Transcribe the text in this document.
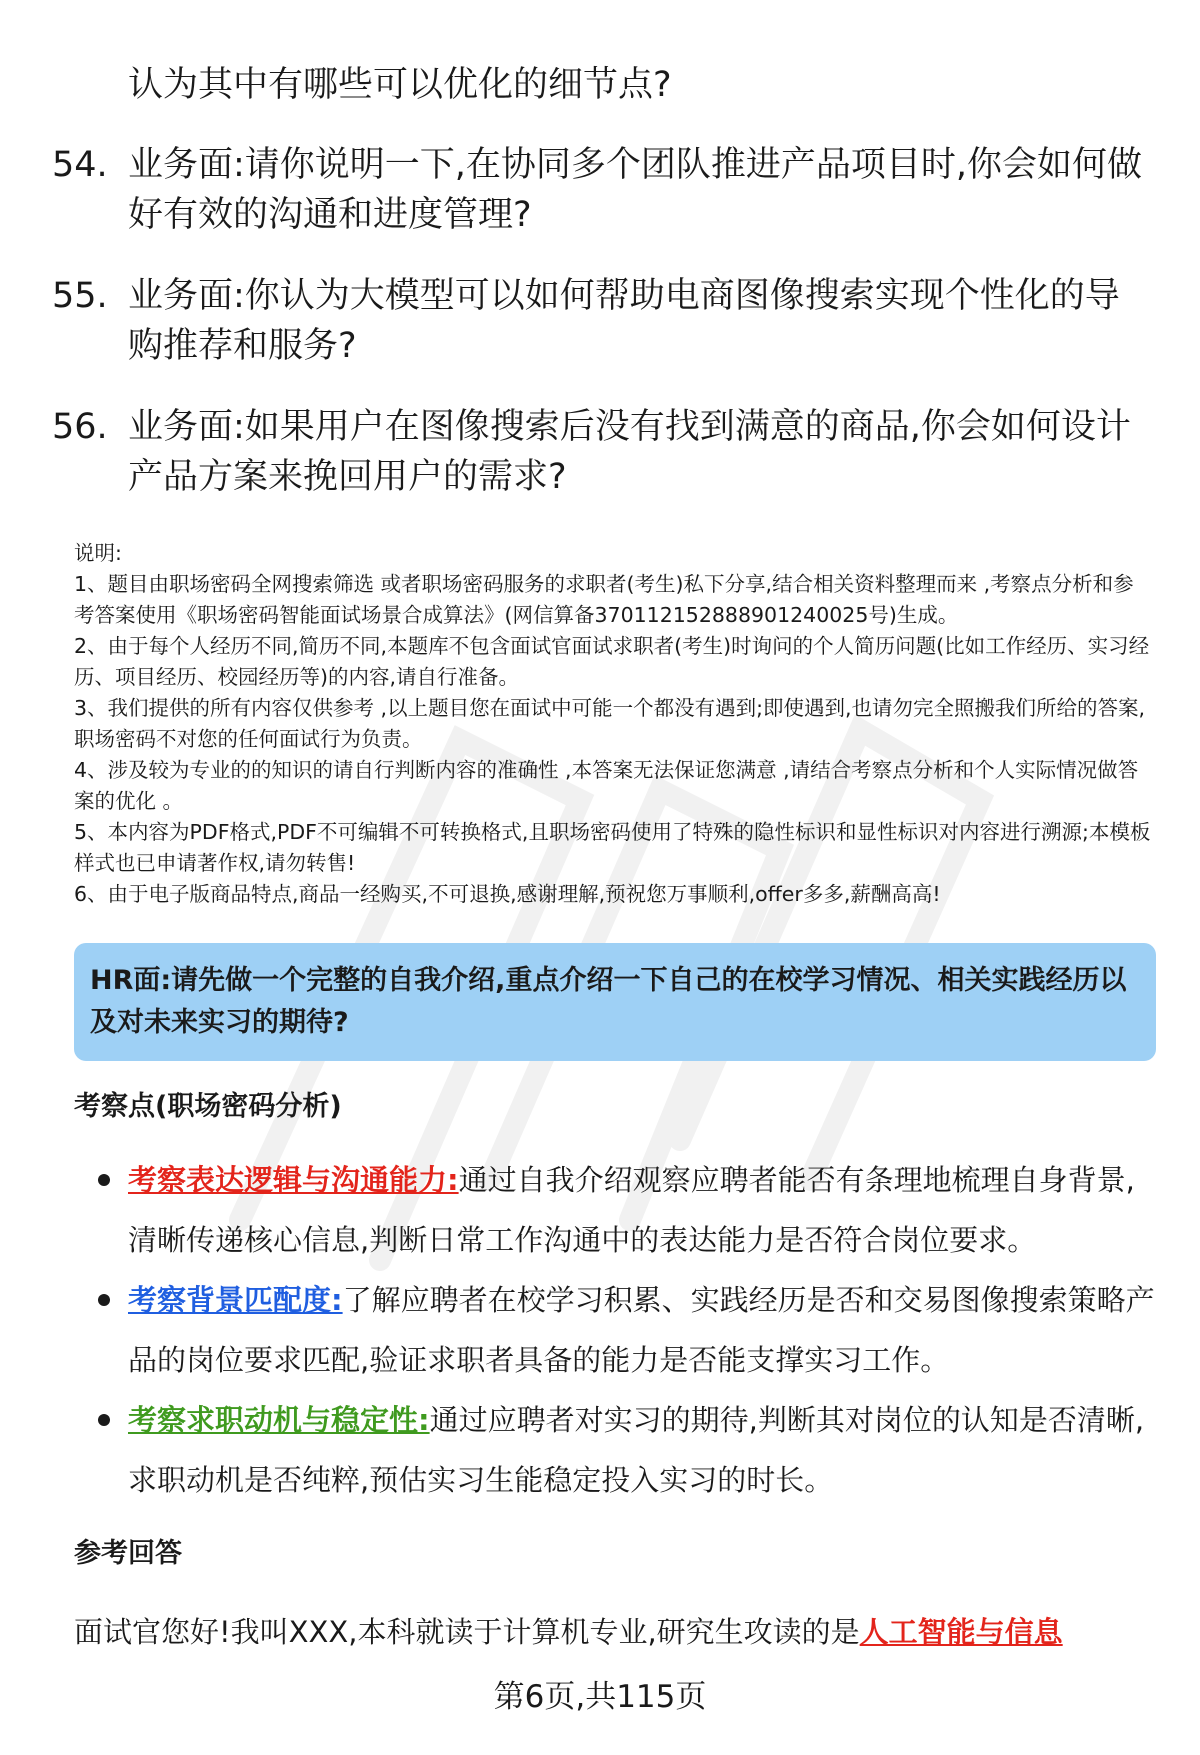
认为其中有哪些可以优化的细节点?
54. 业务面:请你说明一下,在协同多个团队推进产品项目时,你会如何做好有效的沟通和进度管理?
55. 业务面:你认为大模型可以如何帮助电商图像搜索实现个性化的导购推荐和服务?
56. 业务面:如果用户在图像搜索后没有找到满意的商品,你会如何设计产品方案来挽回用户的需求?

说明:

1、题目由职场密码全网搜索筛选 或者职场密码服务的求职者(考生)私下分享,结合相关资料整理而来 ,考察点分析和参考答案使用《职场密码智能面试场景合成算法》(网信算备370112152888901240025号)生成。

2、由于每个人经历不同,简历不同,本题库不包含面试官面试求职者(考生)时询问的个人简历问题(比如工作经历、实习经历、项目经历、校园经历等)的内容,请自行准备。

3、我们提供的所有内容仅供参考 ,以上题目您在面试中可能一个都没有遇到;即使遇到,也请勿完全照搬我们所给的答案,职场密码不对您的任何面试行为负责。

4、涉及较为专业的的知识的请自行判断内容的准确性 ,本答案无法保证您满意 ,请结合考察点分析和个人实际情况做答案的优化 。

5、本内容为PDF格式,PDF不可编辑不可转换格式,且职场密码使用了特殊的隐性标识和显性标识对内容进行溯源;本模板样式也已申请著作权,请勿转售!

6、由于电子版商品特点,商品一经购买,不可退换,感谢理解,预祝您万事顺利,offer多多,薪酬高高!

HR面:请先做一个完整的自我介绍,重点介绍一下自己的在校学习情况、相关实践经历以及对未来实习的期待?
考察点(职场密码分析)
考察表达逻辑与沟通能力:通过自我介绍观察应聘者能否有条理地梳理自身背景,清晰传递核心信息,判断日常工作沟通中的表达能力是否符合岗位要求。
考察背景匹配度:了解应聘者在校学习积累、实践经历是否和交易图像搜索策略产品的岗位要求匹配,验证求职者具备的能力是否能支撑实习工作。
考察求职动机与稳定性:通过应聘者对实习的期待,判断其对岗位的认知是否清晰,求职动机是否纯粹,预估实习生能稳定投入实习的时长。
参考回答
面试官您好!我叫XXX,本科就读于计算机专业,研究生攻读的是人工智能与信息
第6页,共115页
